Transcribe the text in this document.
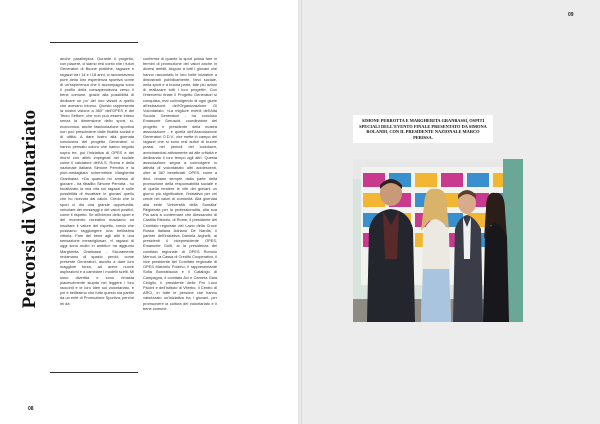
08
Percorsi di Volontariato

anche paralimpica. Durante il progetto, con piacere, ci siamo resi conto che i futuri Generatori di Buone pratiche, ragazze e ragazzi tra i 14 e i 18 anni, ci raccontavano pure della loro esperienza sportiva come di un'esperienza che li accompagna sono il profilo della consapevolezza verso il bene comune, grazie alla possibilità di dedicare un po' del loro vissuti a quello che avevano intorno. Questo rappresenta la nostra visione a 360° dell'OPES e del Terzo Settore, che non può essere inteso senza la dimensione dello sport, sì, economica, anche fascicolazione sportiva non può prescindere dalle finalità sociali e di utilità. A dare lustro alla giornata conclusiva del progetto Generatori ci hanno pensato coloro che hanno seguito sopra tre, poi l'iniziativa di OPES e dei ritorni con atleti impegnati nel sociale come il calciatore dell'A.S. Roma e della nazionale italiana Simone Perrotta e la pluri-medagliata schermitrice Margherita Granbassi, «Da quando ho smesso di giocare - ha ribadito Simone Perrotta - ho focalizzato la mia vita sui ragazzi e sulle possibilità di riscattare le giovani quello che ho ricevuto dal calcio. Credo che lo sport ci dia una grande opportunità, veicolare dei messaggi e dei valori positivi, come il rispetto. Se all'interno dello sport e del momento ricreativo riusciamo ad insultare il valore del rispetto, credo che possiamo raggiungere una bellissima vittoria. Fare del bene agli altri è una sensazione meravigliosa». «I ragazzi di oggi sono molto in ambito» ha aggiunto Margherita Granbassi - Sicuramente reclamano di spazio perciò, come presente Generatori, ascolto a dare loro maggiore forza, ad avere nuove aspirazioni e a cambiare i modelli scelti. Mi sono divertita e sono rimasta piacevolmente stupita nel leggere i loro racconti e le loro idee sul volontariato, e poi è bellissimo che tutto questo sia partito da un ente di Promozione Sportiva, perché mi dà

conferma di quanto lo sport possa fare in termini di promozione dei valori anche in diversi ambiti. Auguro a tutti i giovani che hanno raccontato le loro belle iniziative a dimostrarli pubblicamente, farci sociale, nella sport e a buona parte, fate più azioni di realizzare tutti i loro progetti». Con l'intervento finale il Progetto Generatori si conquista, mai coinvolgendo di ogni giurie all'estrazione dell'Organizzazione Di Volontariato, «La migliore eventi dell'Alta Scuola Generatori - ha concluso Emanuele Geruscki, coordinatore del progetto e presidente della mostra associazione - è quella dell'Associazione Generatori O.D.V., che mette in campo dei ragazzi che si sono resi autori di buone prassi nei periodi del lockdown, avvicinandosi attivamente ad alle criticità e dedicando il loro tempo agli altri. Questa associazione segna a coinvolgere in attività di volontariato altri adolescenti, oltre ai 387 beneficiati. OPES, come a dirci, rimane sempre dalla parte della promozione della responsabilità sociale e di quella rendere le vite dei giovani un giorno più significative, l'iniziativa per chi crede nei valori di comunità. Alla giornata alla sede 'Università della Somalia' Regionale per la professionalità, alla sua Pia sarà a confermare che Alessandro di Castilla Ristorio, di Rome, il presidente del Comitato regionale del Lazio della Croce Rossa Italiana Adriano De Nardis, il partner dell'iniziativa Daniela Arghelli, ai presidenti il vicepresidente OPES, Emanuele Gulfi, ai la presidenza del comitato regionale di OPES Romolo Mercuri, la Cassa di Credito Cooperativo, il vice presidente del Comitato regionale di OPES Marcello Polzino, il rappresentante Sofia Bonnafaccia e il Catalogo di Campagna, il comitato Aci e Camera Gaia Ciniglio, il presidente delle Pro Loco Piccini e dell'Istituto di Viterbo, il Centro di ARCI, in tutte le persone che hanno valorizzato un'iniziativa tra i giovani, per promuovere la cultura del volontariato e il bene comune.

09
SIMONE PERROTTA E MARGHERITA GRANBASSI, OSPITI SPECIALI DELL'EVENTO FINALE PRESENTATO DA SIMONA ROLANDI, CON IL PRESIDENTE NAZIONALE MARCO PERISSA.
